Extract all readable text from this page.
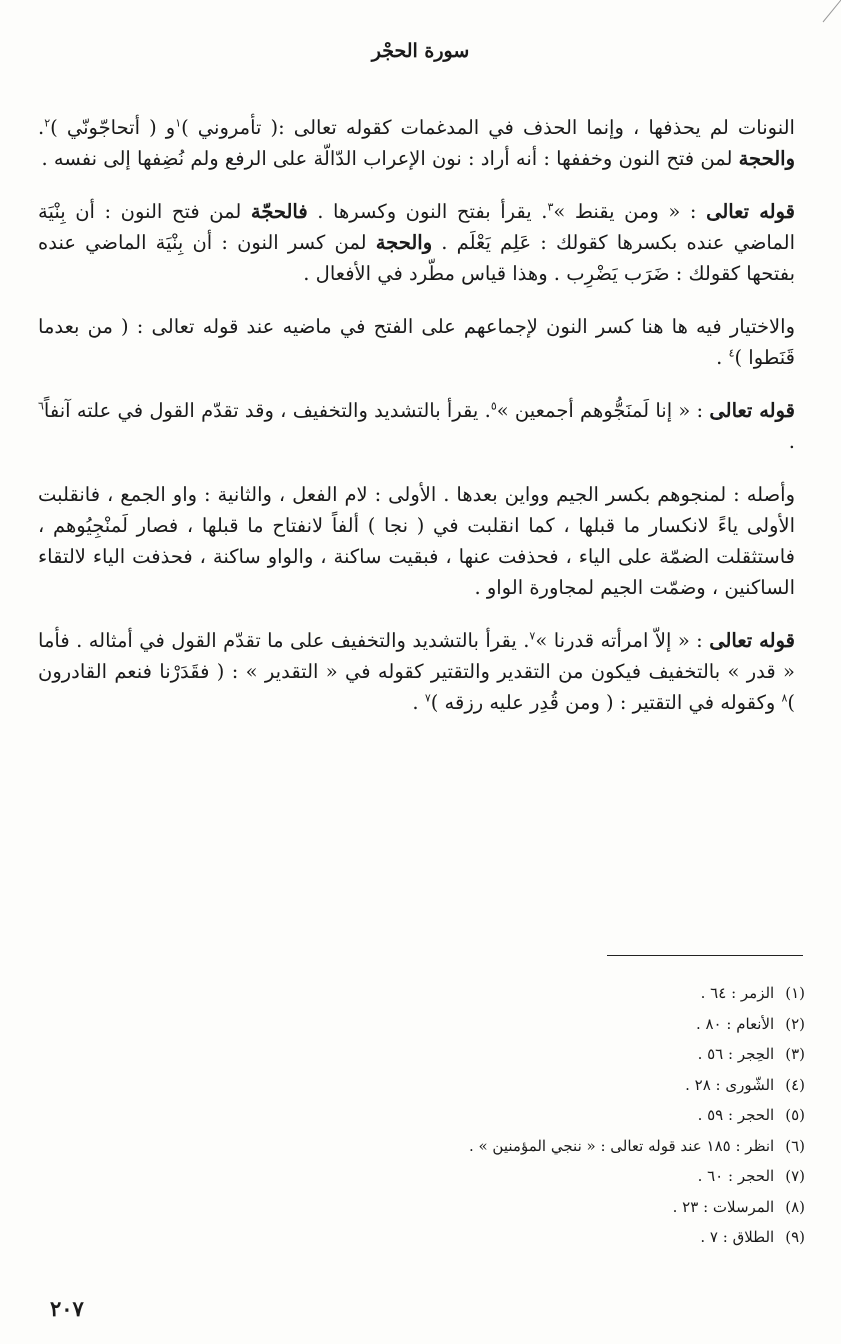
سورة الحجْر

النونات لم يحذفها ، وإنما الحذف في المدغمات كقوله تعالى :( تأمروني )$^١$و ( أتحاجّونّي )$^٢$. والحجة لمن فتح النون وخففها : أنه أراد : نون الإعراب الدّالّة على الرفع ولم نُضِفها إلى نفسه .

قوله تعالى : « ومن يقنط »$^٣$. يقرأ بفتح النون وكسرها . فالحجّة لمن فتح النون : أن بِنْيَة الماضي عنده بكسرها كقولك : عَلِم يَعْلَم . والحجة لمن كسر النون : أن بِنْيَة الماضي عنده بفتحها كقولك : ضَرَب يَضْرِب . وهذا قياس مطّرد في الأفعال .

والاختيار فيه ها هنا كسر النون لإجماعهم على الفتح في ماضيه عند قوله تعالى : ( من بعدما قَنَطوا )$^٤$ .

قوله تعالى : « إنا لَمنَجُّوهم أجمعين »$^٥$. يقرأ بالتشديد والتخفيف ، وقد تقدّم القول في علته آنفاً$^٦$ .

وأصله : لمنجوهم بكسر الجيم وواين بعدها . الأولى : لام الفعل ، والثانية : واو الجمع ، فانقلبت الأولى ياءً لانكسار ما قبلها ، كما انقلبت في ( نجا ) ألفاً لانفتاح ما قبلها ، فصار لَمنْجِيُوهم ، فاستثقلت الضمّة على الياء ، فحذفت عنها ، فبقيت ساكنة ، والواو ساكنة ، فحذفت الياء لالتقاء الساكنين ، وضمّت الجيم لمجاورة الواو .

قوله تعالى : « إلاّ امرأته قدرنا »$^٧$. يقرأ بالتشديد والتخفيف على ما تقدّم القول في أمثاله . فأما « قدر » بالتخفيف فيكون من التقدير والتقتير كقوله في « التقدير » : ( فقَدَرْنا فنعم القادرون )$^٨$ وكقوله في التقتير : ( ومن قُدِر عليه رزقه )$^٧$ .

(١) الزمر : ٦٤ .
(٢) الأنعام : ٨٠ .
(٣) الحِجر : ٥٦ .
(٤) الشّورى : ٢٨ .
(٥) الحجر : ٥٩ .
(٦) انظر : ١٨٥ عند قوله تعالى : « ننجي المؤمنين » .
(٧) الحجر : ٦٠ .
(٨) المرسلات : ٢٣ .
(٩) الطلاق : ٧ .
٢٠٧
